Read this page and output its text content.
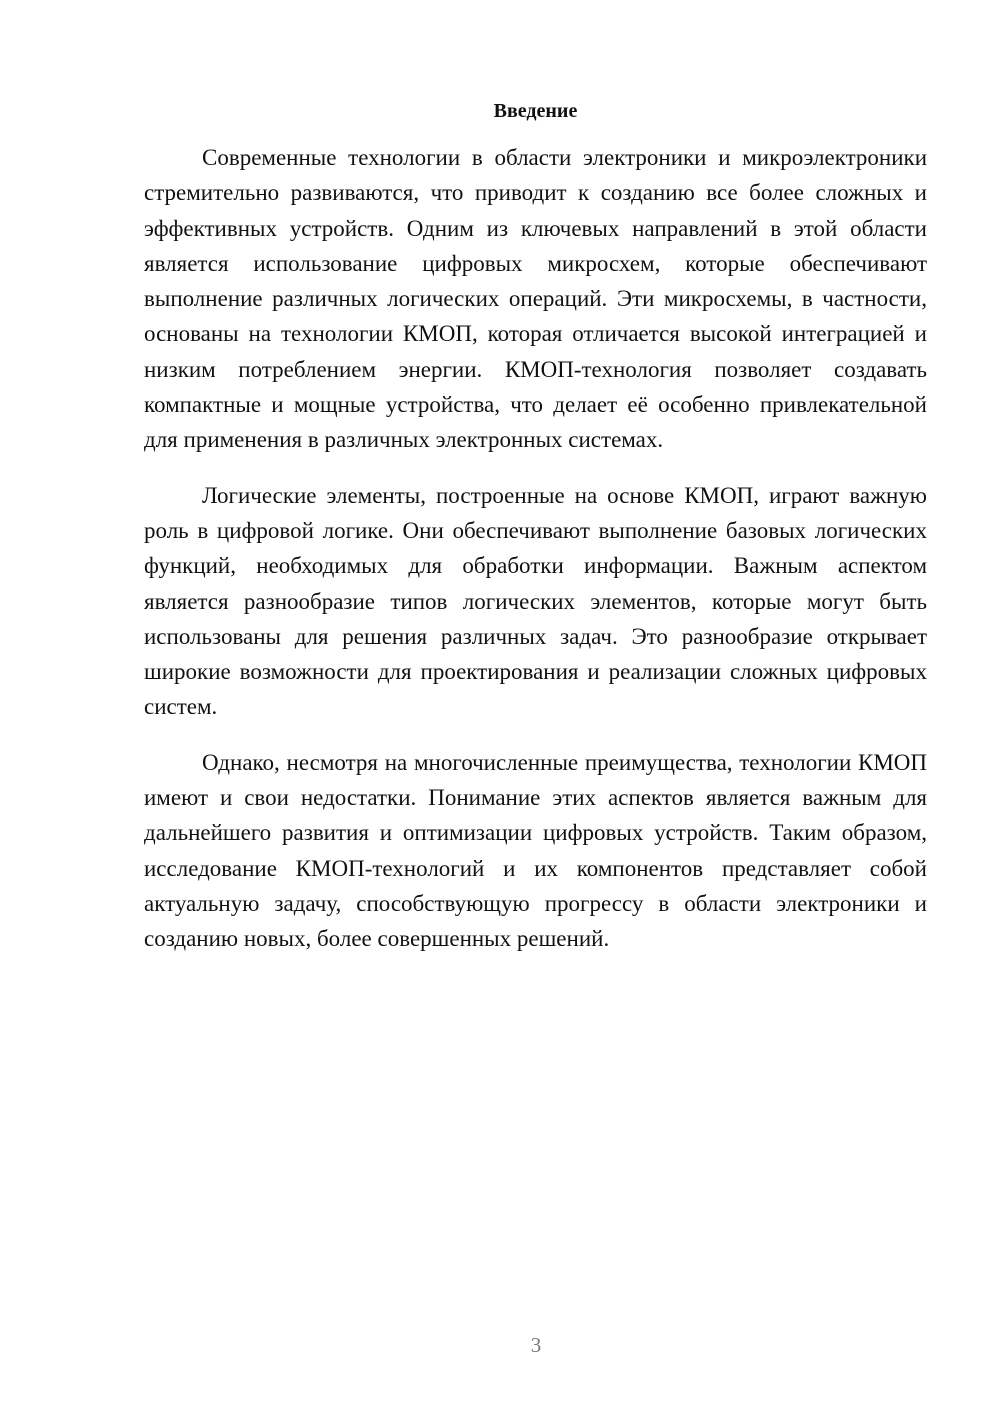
Введение

Современные технологии в области электроники и микроэлектроники стремительно развиваются, что приводит к созданию все более сложных и эффективных устройств. Одним из ключевых направлений в этой области является использование цифровых микросхем, которые обеспечивают выполнение различных логических операций. Эти микросхемы, в частности, основаны на технологии КМОП, которая отличается высокой интеграцией и низким потреблением энергии. КМОП-технология позволяет создавать компактные и мощные устройства, что делает её особенно привлекательной для применения в различных электронных системах.

Логические элементы, построенные на основе КМОП, играют важную роль в цифровой логике. Они обеспечивают выполнение базовых логических функций, необходимых для обработки информации. Важным аспектом является разнообразие типов логических элементов, которые могут быть использованы для решения различных задач. Это разнообразие открывает широкие возможности для проектирования и реализации сложных цифровых систем.

Однако, несмотря на многочисленные преимущества, технологии КМОП имеют и свои недостатки. Понимание этих аспектов является важным для дальнейшего развития и оптимизации цифровых устройств. Таким образом, исследование КМОП-технологий и их компонентов представляет собой актуальную задачу, способствующую прогрессу в области электроники и созданию новых, более совершенных решений.

3
